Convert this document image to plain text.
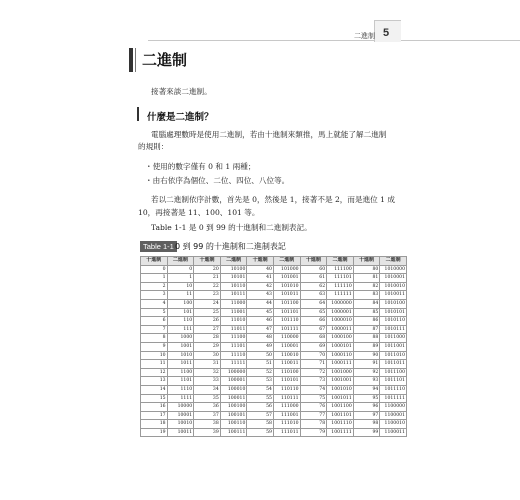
二進制 5
二進制
接著來談二進制。
什麼是二進制？
電腦處理數時是使用二進制，若由十進制來類推，馬上就能了解二進制
的規則：
・使用的數字僅有 0 和 1 兩種；
・由右依序為個位、二位、四位、八位等。
若以二進制依序計數，首先是 0，然後是 1，接著不是 2，而是進位 1 成
10，再接著是 11、100、101 等。
Table 1-1 是 0 到 99 的十進制和二進制表記。
Table 1-1 0 到 99 的十進制和二進制表記
十進制	二進制	十進制	二進制	十進制	二進制	十進制	二進制	十進制	二進制
0	0	20	10100	40	101000	60	111100	80	1010000
1	1	21	10101	41	101001	61	111101	81	1010001
2	10	22	10110	42	101010	62	111110	82	1010010
3	11	23	10111	43	101011	63	111111	83	1010011
4	100	24	11000	44	101100	64	1000000	84	1010100
5	101	25	11001	45	101101	65	1000001	85	1010101
6	110	26	11010	46	101110	66	1000010	86	1010110
7	111	27	11011	47	101111	67	1000011	87	1010111
8	1000	28	11100	48	110000	68	1000100	88	1011000
9	1001	29	11101	49	110001	69	1000101	89	1011001
10	1010	30	11110	50	110010	70	1000110	90	1011010
11	1011	31	11111	51	110011	71	1000111	91	1011011
12	1100	32	100000	52	110100	72	1001000	92	1011100
13	1101	33	100001	53	110101	73	1001001	93	1011101
14	1110	34	100010	54	110110	74	1001010	94	1011110
15	1111	35	100011	55	110111	75	1001011	95	1011111
16	10000	36	100100	56	111000	76	1001100	96	1100000
17	10001	37	100101	57	111001	77	1001101	97	1100001
18	10010	38	100110	58	111010	78	1001110	98	1100010
19	10011	39	100111	59	111011	79	1001111	99	1100011
